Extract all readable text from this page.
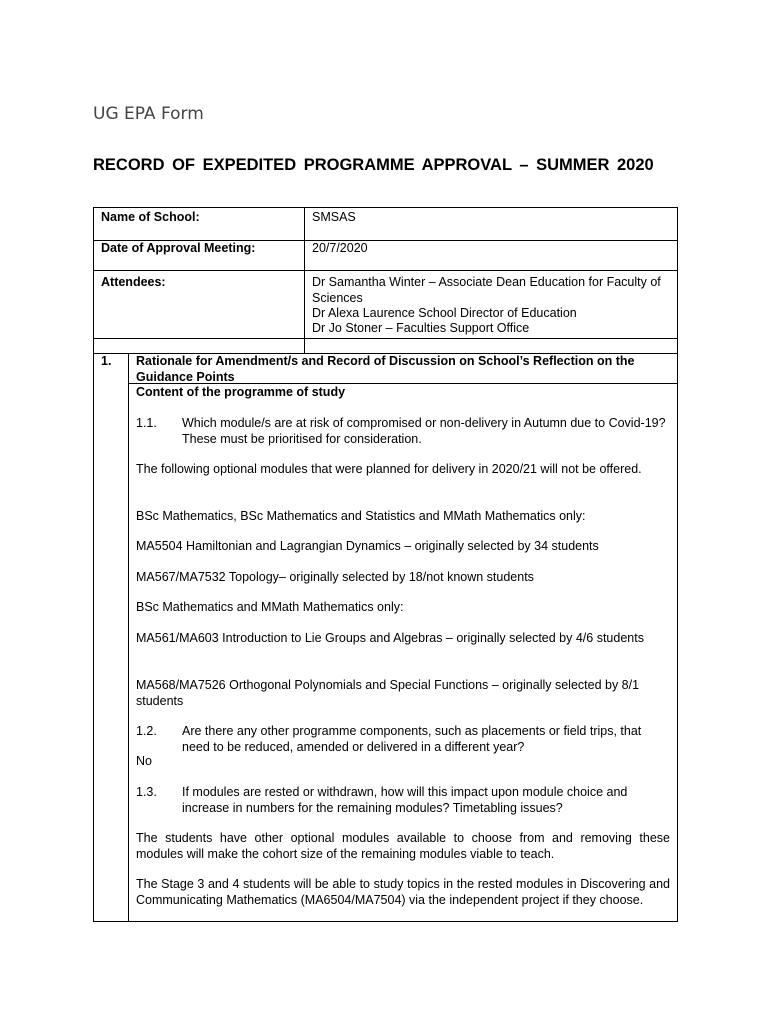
UG EPA Form
RECORD OF EXPEDITED PROGRAMME APPROVAL – SUMMER 2020
Name of School:	SMSAS
Date of Approval Meeting:	20/7/2020
Attendees:	Dr Samantha Winter – Associate Dean Education for Faculty of Sciences
Dr Alexa Laurence School Director of Education
Dr Jo Stoner – Faculties Support Office
1. Rationale for Amendment/s and Record of Discussion on School’s Reflection on the Guidance Points
Content of the programme of study
1.1. Which module/s are at risk of compromised or non-delivery in Autumn due to Covid-19? These must be prioritised for consideration.
The following optional modules that were planned for delivery in 2020/21 will not be offered.
BSc Mathematics, BSc Mathematics and Statistics and MMath Mathematics only:
MA5504 Hamiltonian and Lagrangian Dynamics – originally selected by 34 students
MA567/MA7532 Topology– originally selected by 18/not known students
BSc Mathematics and MMath Mathematics only:
MA561/MA603 Introduction to Lie Groups and Algebras – originally selected by 4/6 students
MA568/MA7526 Orthogonal Polynomials and Special Functions – originally selected by 8/1 students
1.2. Are there any other programme components, such as placements or field trips, that need to be reduced, amended or delivered in a different year?
No
1.3. If modules are rested or withdrawn, how will this impact upon module choice and increase in numbers for the remaining modules? Timetabling issues?
The students have other optional modules available to choose from and removing these modules will make the cohort size of the remaining modules viable to teach.
The Stage 3 and 4 students will be able to study topics in the rested modules in Discovering and Communicating Mathematics (MA6504/MA7504) via the independent project if they choose.
